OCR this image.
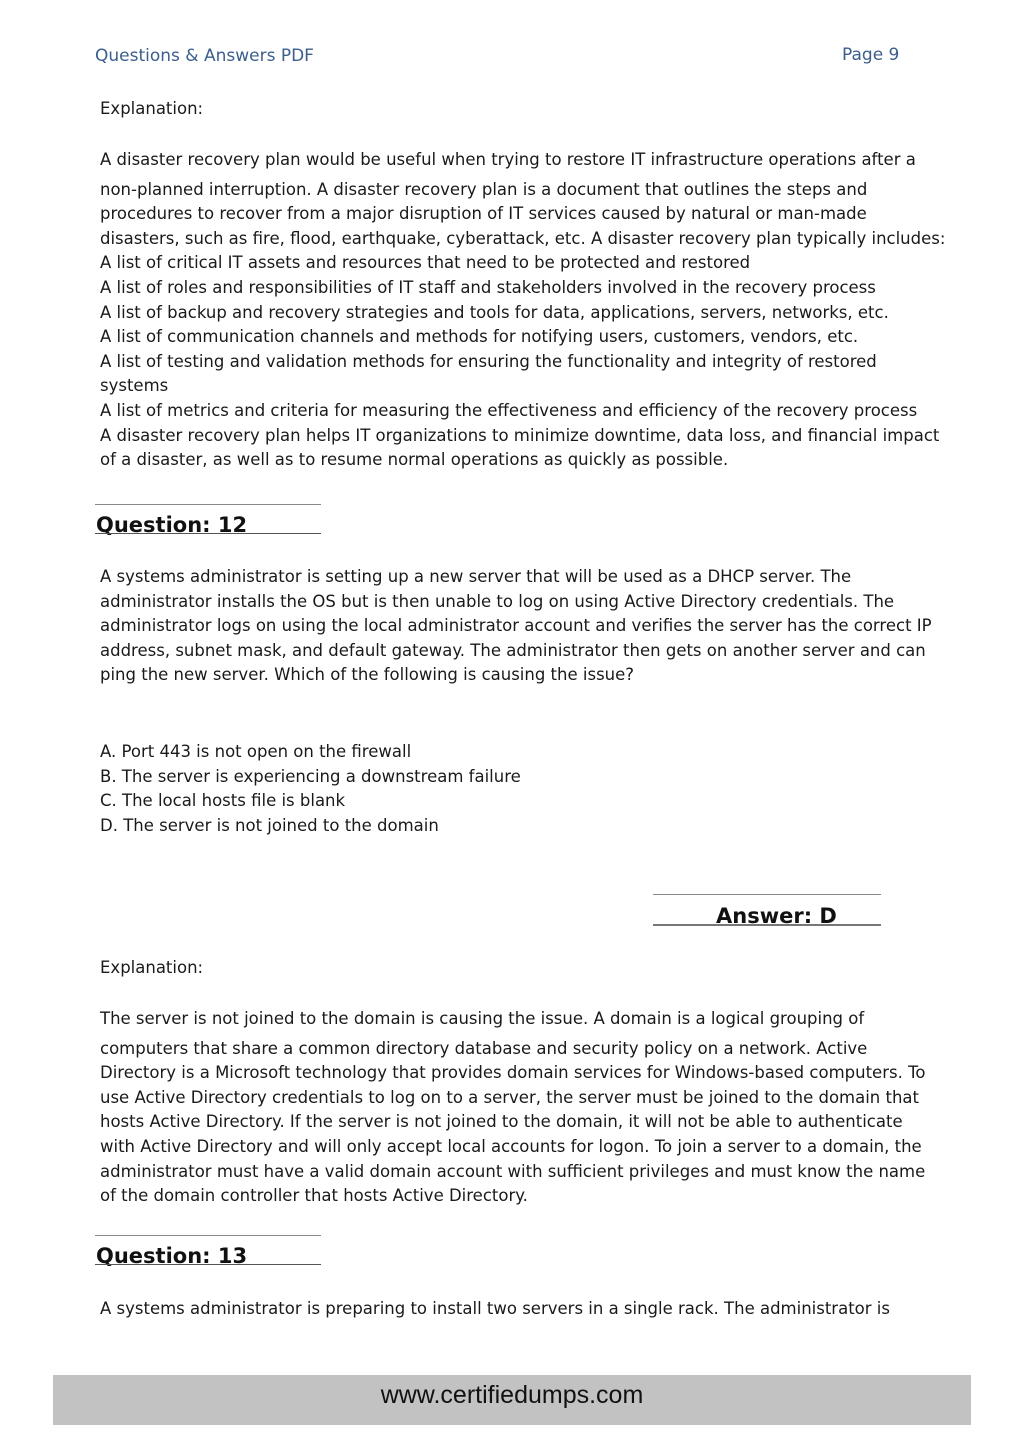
Questions & Answers PDF	Page 9
Explanation:
A disaster recovery plan would be useful when trying to restore IT infrastructure operations after a
non-planned interruption. A disaster recovery plan is a document that outlines the steps and
procedures to recover from a major disruption of IT services caused by natural or man-made
disasters, such as fire, flood, earthquake, cyberattack, etc. A disaster recovery plan typically includes:
A list of critical IT assets and resources that need to be protected and restored
A list of roles and responsibilities of IT staff and stakeholders involved in the recovery process
A list of backup and recovery strategies and tools for data, applications, servers, networks, etc.
A list of communication channels and methods for notifying users, customers, vendors, etc.
A list of testing and validation methods for ensuring the functionality and integrity of restored
systems
A list of metrics and criteria for measuring the effectiveness and efficiency of the recovery process
A disaster recovery plan helps IT organizations to minimize downtime, data loss, and financial impact
of a disaster, as well as to resume normal operations as quickly as possible.
Question: 12
A systems administrator is setting up a new server that will be used as a DHCP server. The
administrator installs the OS but is then unable to log on using Active Directory credentials. The
administrator logs on using the local administrator account and verifies the server has the correct IP
address, subnet mask, and default gateway. The administrator then gets on another server and can
ping the new server. Which of the following is causing the issue?
A. Port 443 is not open on the firewall
B. The server is experiencing a downstream failure
C. The local hosts file is blank
D. The server is not joined to the domain
Answer: D
Explanation:
The server is not joined to the domain is causing the issue. A domain is a logical grouping of
computers that share a common directory database and security policy on a network. Active
Directory is a Microsoft technology that provides domain services for Windows-based computers. To
use Active Directory credentials to log on to a server, the server must be joined to the domain that
hosts Active Directory. If the server is not joined to the domain, it will not be able to authenticate
with Active Directory and will only accept local accounts for logon. To join a server to a domain, the
administrator must have a valid domain account with sufficient privileges and must know the name
of the domain controller that hosts Active Directory.
Question: 13
A systems administrator is preparing to install two servers in a single rack. The administrator is
www.certifiedumps.com
